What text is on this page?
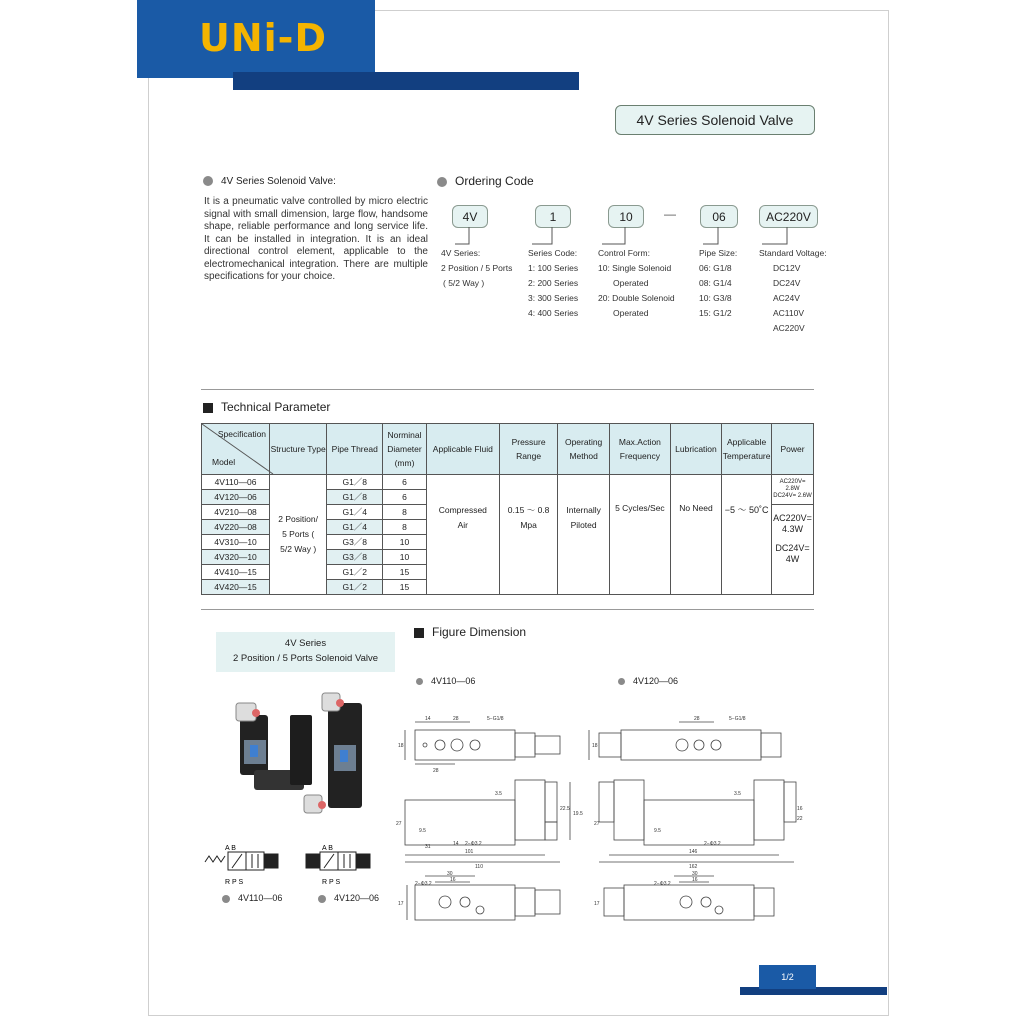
UNi-D
4V Series Solenoid Valve
4V Series Solenoid Valve:
It is a pneumatic valve controlled by micro electric signal with small dimension, large flow, handsome shape, reliable performance and long service life. It can be installed in integration. It is an ideal directional control element, applicable to the electromechanical integration. There are multiple specifications for your choice.
Ordering Code
4V	1	10	—	06	AC220V
4V Series:
2 Position / 5 Ports
( 5/2 Way )
Series Code:
1: 100 Series
2: 200 Series
3: 300 Series
4: 400 Series
Control Form:
10: Single Solenoid
Operated
20: Double Solenoid
Operated
Pipe Size:
06: G1/8
08: G1/4
10: G3/8
15: G1/2
Standard Voltage:
DC12V
DC24V
AC24V
AC110V
AC220V
Technical Parameter
Specification
Model	Structure Type	Pipe Thread	Norminal Diameter (mm)	Applicable Fluid	Pressure Range	Operating Method	Max.Action Frequency	Lubrication	Applicable Temperature	Power
4V110—06	2 Position/ 5 Ports ( 5/2 Way )	G1／8	6	Compressed Air	0.15 ～ 0.8 Mpa	Internally Piloted	5 Cycles/Sec	No Need	−5 ～ 50˚C	AC220V= 2.8W
DC24V= 2.6W

4V120—06		G1／8	6							
4V210—08		G1／4	8							AC220V= 4.3W
DC24V= 4W

4V220—08		G1／4	8							
4V310—10		G3／8	10							
4V320—10		G3／8	10							
4V410—15		G1／2	15							
4V420—15		G1／2	15							
4V Series
2 Position / 5 Ports Solenoid Valve
A B
R P S
A B
R P S
4V110—06	4V120—06
Figure Dimension
4V110—06	4V120—06
14	28	5−G1/8
18
28
27
3.5
101
110
31	14 2−Φ3.2
9.5
22.5
19.5
2−Φ3.2
30
16
17
28	5−G1/8
18
27
3.5
146
162
2−Φ3.2
9.5
16
22
2−Φ3.2
30
16
17
1/2
